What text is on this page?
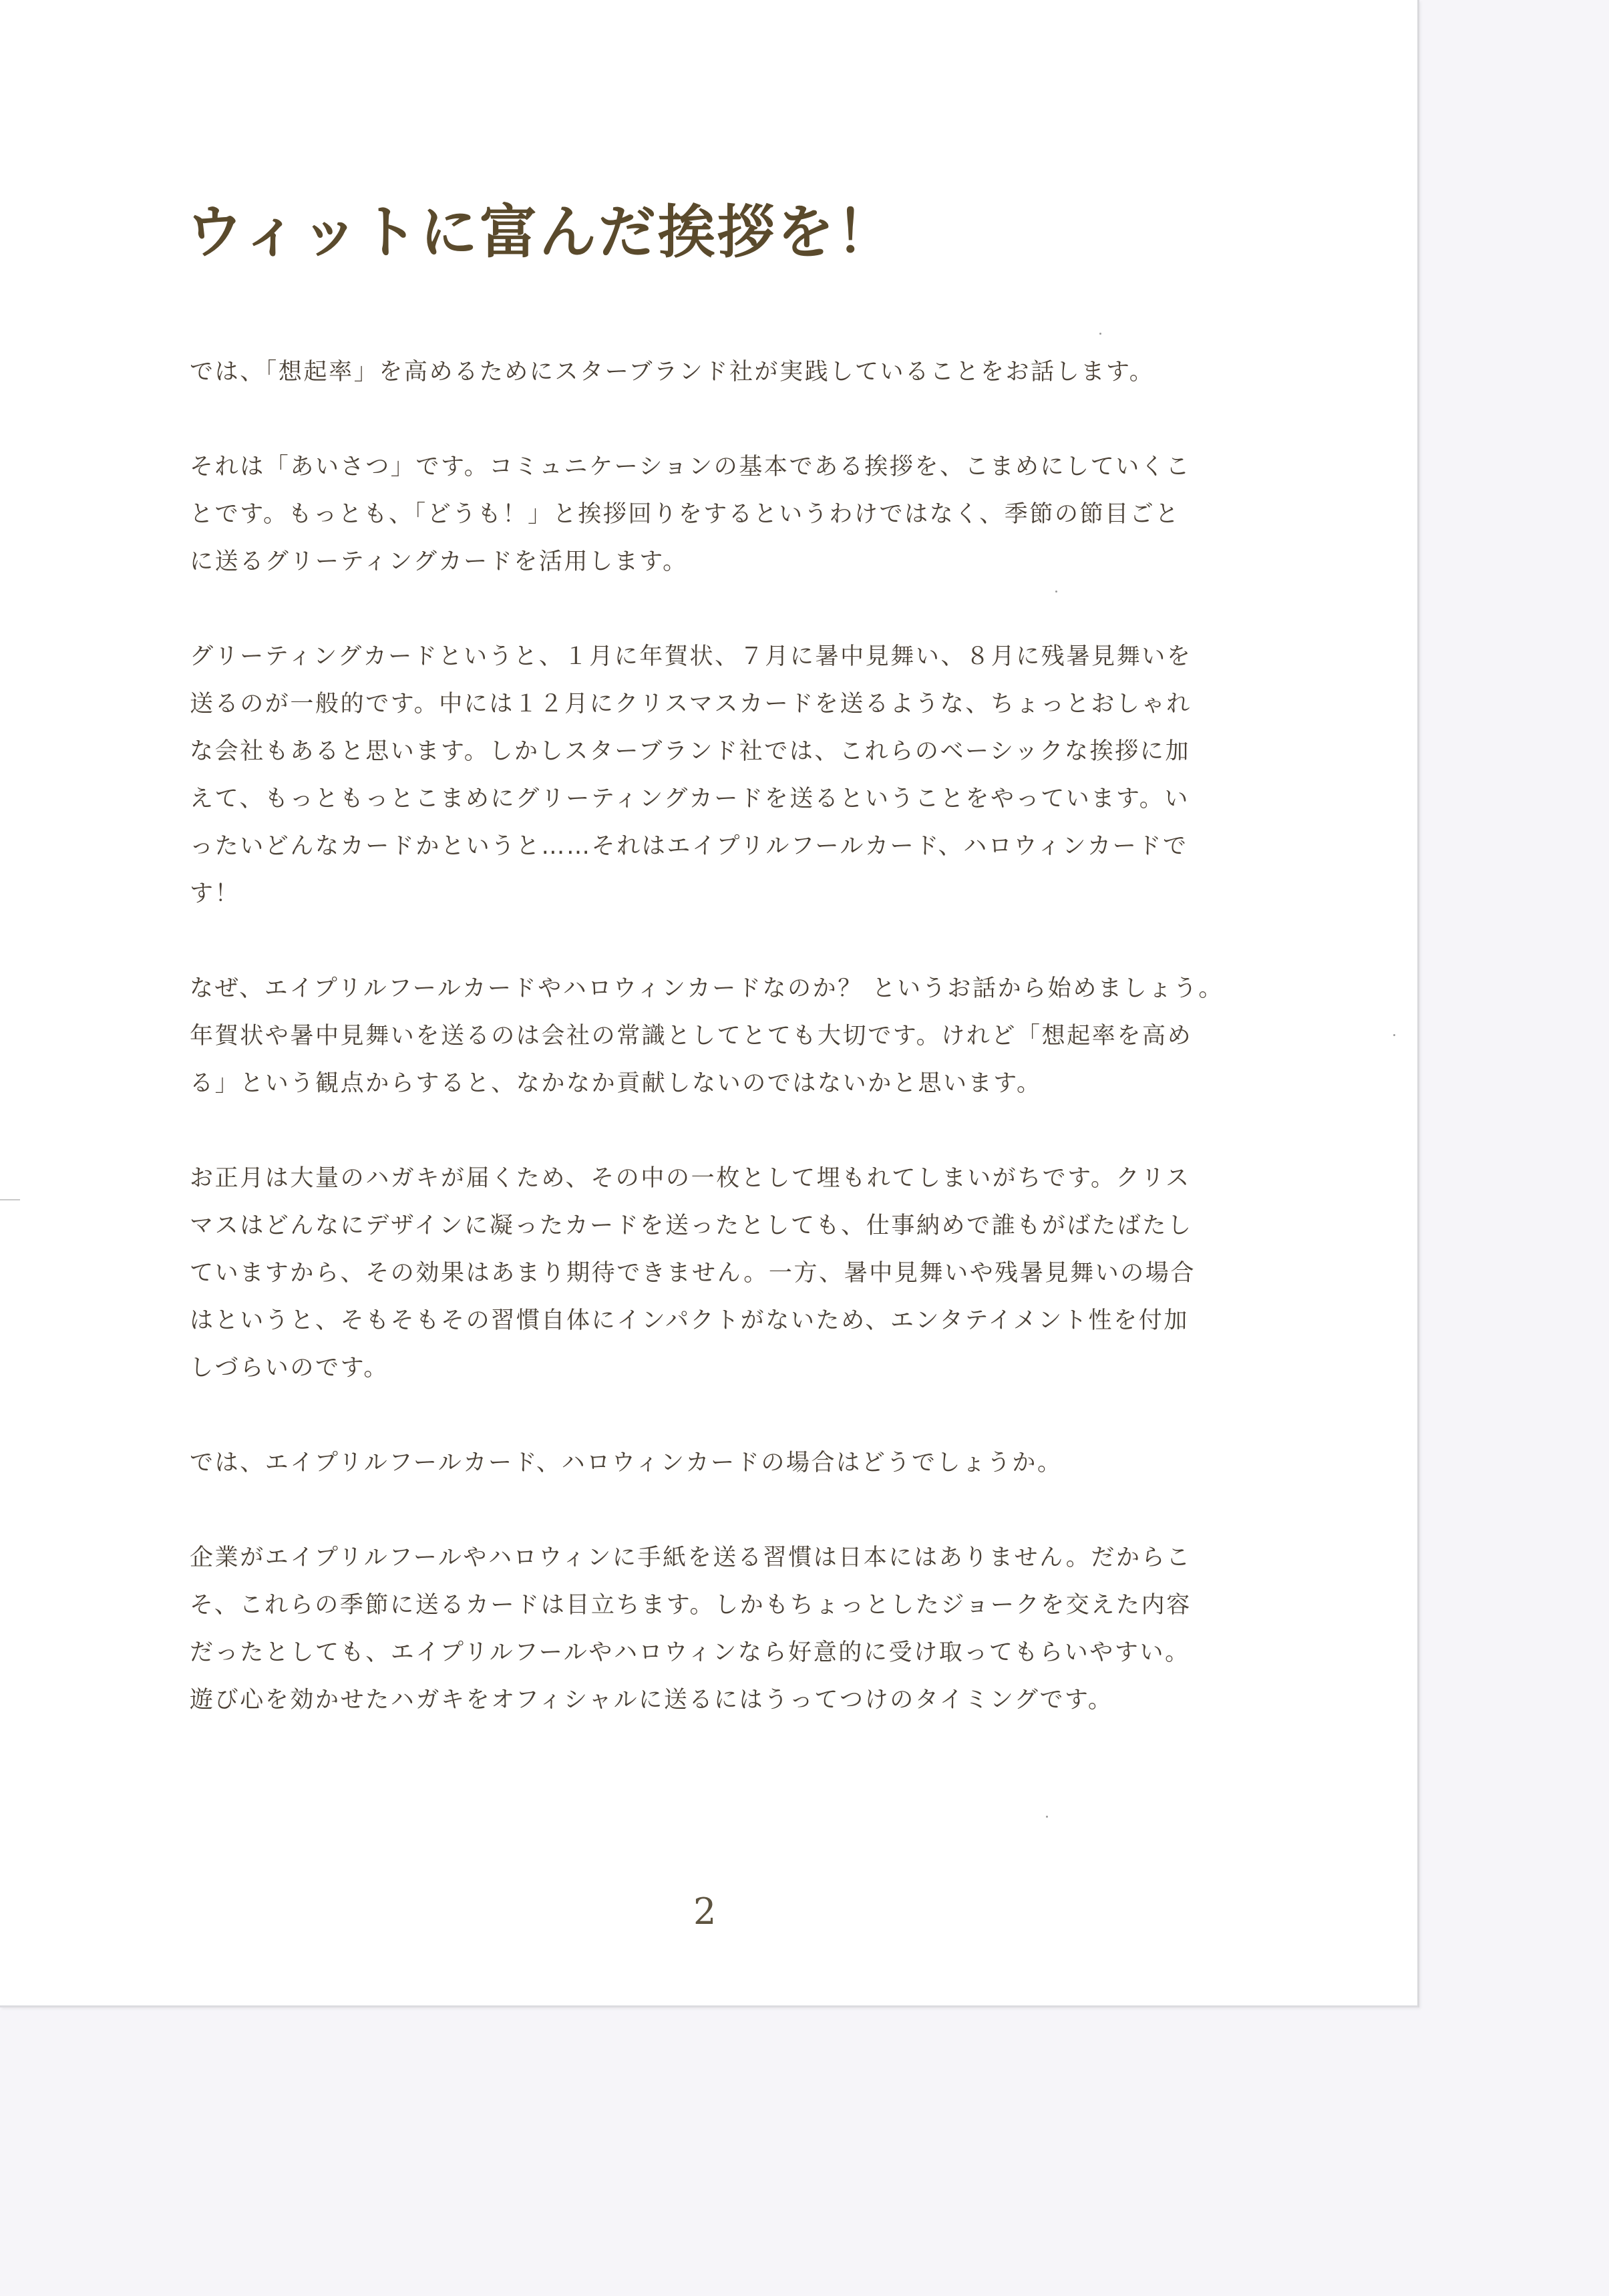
ウィットに富んだ挨拶を！
では、「想起率」を高めるためにスターブランド社が実践していることをお話します。
それは「あいさつ」です。コミュニケーションの基本である挨拶を、こまめにしていくこ
とです。もっとも、「どうも！」と挨拶回りをするというわけではなく、季節の節目ごと
に送るグリーティングカードを活用します。
グリーティングカードというと、１月に年賀状、７月に暑中見舞い、８月に残暑見舞いを
送るのが一般的です。中には１２月にクリスマスカードを送るような、ちょっとおしゃれ
な会社もあると思います。しかしスターブランド社では、これらのベーシックな挨拶に加
えて、もっともっとこまめにグリーティングカードを送るということをやっています。い
ったいどんなカードかというと……それはエイプリルフールカード、ハロウィンカードで
す！
なぜ、エイプリルフールカードやハロウィンカードなのか？ というお話から始めましょう。
年賀状や暑中見舞いを送るのは会社の常識としてとても大切です。けれど「想起率を高め
る」という観点からすると、なかなか貢献しないのではないかと思います。
お正月は大量のハガキが届くため、その中の一枚として埋もれてしまいがちです。クリス
マスはどんなにデザインに凝ったカードを送ったとしても、仕事納めで誰もがばたばたし
ていますから、その効果はあまり期待できません。一方、暑中見舞いや残暑見舞いの場合
はというと、そもそもその習慣自体にインパクトがないため、エンタテイメント性を付加
しづらいのです。
では、エイプリルフールカード、ハロウィンカードの場合はどうでしょうか。
企業がエイプリルフールやハロウィンに手紙を送る習慣は日本にはありません。だからこ
そ、これらの季節に送るカードは目立ちます。しかもちょっとしたジョークを交えた内容
だったとしても、エイプリルフールやハロウィンなら好意的に受け取ってもらいやすい。
遊び心を効かせたハガキをオフィシャルに送るにはうってつけのタイミングです。
2
